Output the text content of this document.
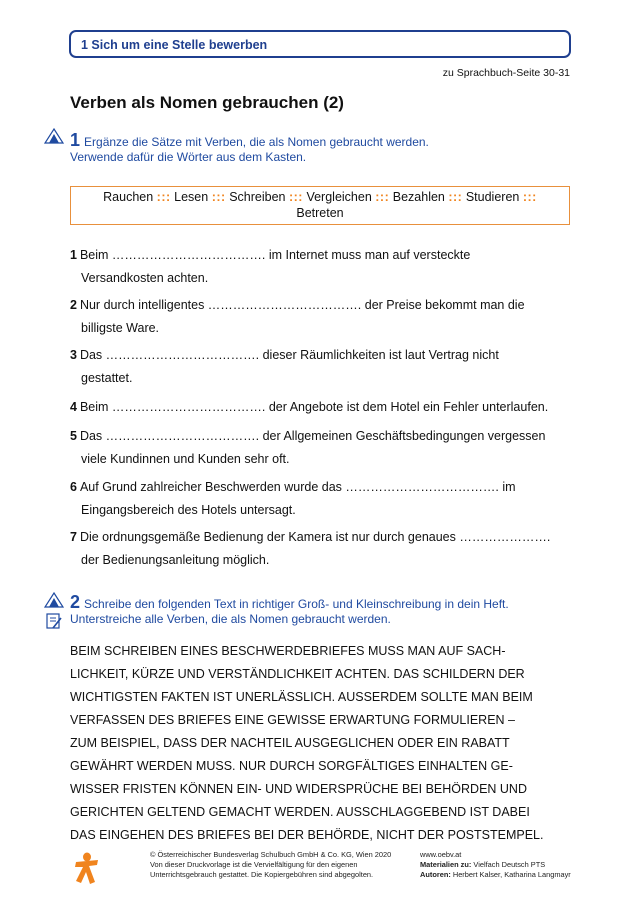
1 Sich um eine Stelle bewerben
zu Sprachbuch-Seite 30-31
Verben als Nomen gebrauchen (2)
1 Ergänze die Sätze mit Verben, die als Nomen gebraucht werden.
Verwende dafür die Wörter aus dem Kasten.
Rauchen ::: Lesen ::: Schreiben ::: Vergleichen ::: Bezahlen ::: Studieren :::
Betreten
1 Beim ………………………………. im Internet muss man auf versteckte
Versandkosten achten.
2 Nur durch intelligentes ………………………………. der Preise bekommt man die
billigste Ware.
3 Das ………………………………. dieser Räumlichkeiten ist laut Vertrag nicht
gestattet.
4 Beim ………………………………. der Angebote ist dem Hotel ein Fehler unterlaufen.
5 Das ………………………………. der Allgemeinen Geschäftsbedingungen vergessen
viele Kundinnen und Kunden sehr oft.
6 Auf Grund zahlreicher Beschwerden wurde das ………………………………. im
Eingangsbereich des Hotels untersagt.
7 Die ordnungsgemäße Bedienung der Kamera ist nur durch genaues ………………….
der Bedienungsanleitung möglich.
2 Schreibe den folgenden Text in richtiger Groß- und Kleinschreibung in dein Heft.
Unterstreiche alle Verben, die als Nomen gebraucht werden.
BEIM SCHREIBEN EINES BESCHWERDEBRIEFES MUSS MAN AUF SACH-
LICHKEIT, KÜRZE UND VERSTÄNDLICHKEIT ACHTEN. DAS SCHILDERN DER
WICHTIGSTEN FAKTEN IST UNERLÄSSLICH. AUSSERDEM SOLLTE MAN BEIM
VERFASSEN DES BRIEFES EINE GEWISSE ERWARTUNG FORMULIEREN –
ZUM BEISPIEL, DASS DER NACHTEIL AUSGEGLICHEN ODER EIN RABATT
GEWÄHRT WERDEN MUSS. NUR DURCH SORGFÄLTIGES EINHALTEN GE-
WISSER FRISTEN KÖNNEN EIN- UND WIDERSPRÜCHE BEI BEHÖRDEN UND
GERICHTEN GELTEND GEMACHT WERDEN. AUSSCHLAGGEBEND IST DABEI
DAS EINGEHEN DES BRIEFES BEI DER BEHÖRDE, NICHT DER POSTSTEMPEL.
© Österreichischer Bundesverlag Schulbuch GmbH & Co. KG, Wien 2020
Von dieser Druckvorlage ist die Vervielfältigung für den eigenen
Unterrichtsgebrauch gestattet. Die Kopiergebühren sind abgegolten.
www.oebv.at
Materialien zu: Vielfach Deutsch PTS
Autoren: Herbert Kalser, Katharina Langmayr
